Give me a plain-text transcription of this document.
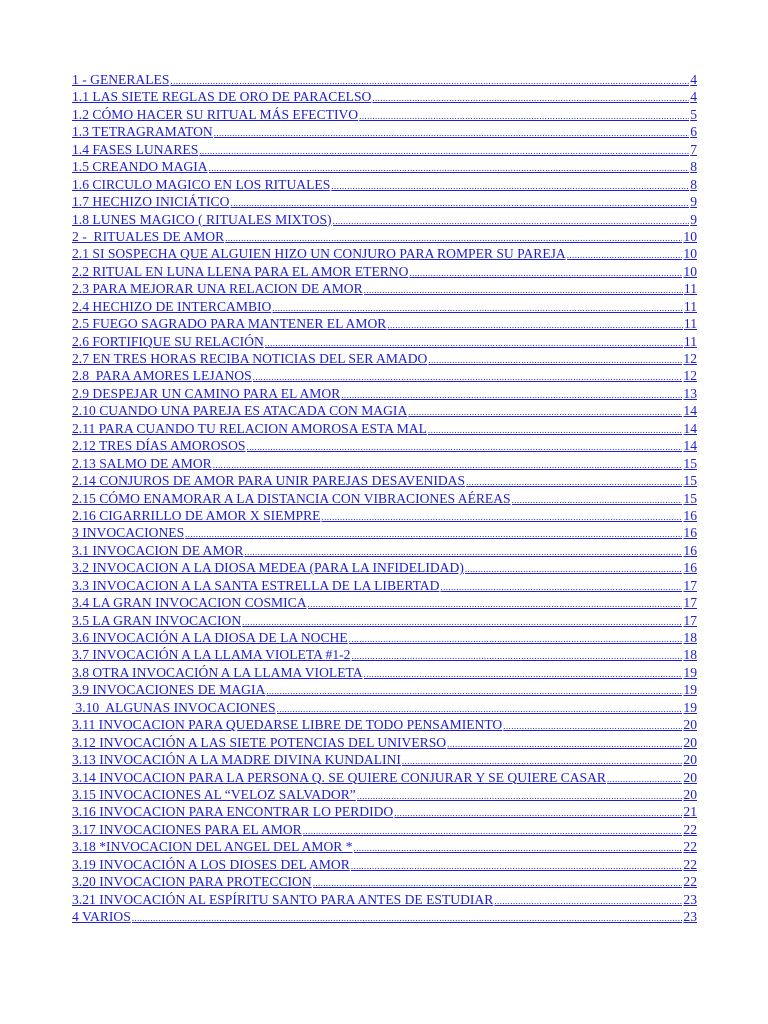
1 - GENERALES .....	4
1.1 LAS SIETE REGLAS DE ORO DE PARACELSO .....	4
1.2 CÓMO HACER SU RITUAL MÁS EFECTIVO .....	5
1.3 TETRAGRAMATON .....	6
1.4 FASES LUNARES .....	7
1.5 CREANDO MAGIA .....	8
1.6 CIRCULO MAGICO EN LOS RITUALES .....	8
1.7 HECHIZO INICIÁTICO .....	9
1.8 LUNES MAGICO ( RITUALES MIXTOS) .....	9
2 -  RITUALES DE AMOR .....	10
2.1 SI SOSPECHA QUE ALGUIEN HIZO UN CONJURO PARA ROMPER SU PAREJA .....	10
2.2 RITUAL EN LUNA LLENA PARA EL AMOR ETERNO .....	10
2.3 PARA MEJORAR UNA RELACION DE AMOR .....	11
2.4 HECHIZO DE INTERCAMBIO .....	11
2.5 FUEGO SAGRADO PARA MANTENER EL AMOR .....	11
2.6 FORTIFIQUE SU RELACIÓN .....	11
2.7 EN TRES HORAS RECIBA NOTICIAS DEL SER AMADO .....	12
2.8  PARA AMORES LEJANOS .....	12
2.9 DESPEJAR UN CAMINO PARA EL AMOR .....	13
2.10 CUANDO UNA PAREJA ES ATACADA CON MAGIA .....	14
2.11 PARA CUANDO TU RELACION AMOROSA ESTA MAL .....	14
2.12 TRES DÍAS AMOROSOS .....	14
2.13 SALMO DE AMOR .....	15
2.14 CONJUROS DE AMOR PARA UNIR PAREJAS DESAVENIDAS .....	15
2.15 CÓMO ENAMORAR A LA DISTANCIA CON VIBRACIONES AÉREAS .....	15
2.16 CIGARRILLO DE AMOR X SIEMPRE .....	16
3 INVOCACIONES .....	16
3.1 INVOCACION DE AMOR .....	16
3.2 INVOCACION A LA DIOSA MEDEA (PARA LA INFIDELIDAD) .....	16
3.3 INVOCACION A LA SANTA ESTRELLA DE LA LIBERTAD .....	17
3.4 LA GRAN INVOCACION COSMICA .....	17
3.5 LA GRAN INVOCACION .....	17
3.6 INVOCACIÓN A LA DIOSA DE LA NOCHE .....	18
3.7 INVOCACIÓN A LA LLAMA VIOLETA #1-2 .....	18
3.8 OTRA INVOCACIÓN A LA LLAMA VIOLETA .....	19
3.9 INVOCACIONES DE MAGIA .....	19
3.10  ALGUNAS INVOCACIONES .....	19
3.11 INVOCACION PARA QUEDARSE LIBRE DE TODO PENSAMIENTO .....	20
3.12 INVOCACIÓN A LAS SIETE POTENCIAS DEL UNIVERSO .....	20
3.13 INVOCACIÓN A LA MADRE DIVINA KUNDALINI .....	20
3.14 INVOCACION PARA LA PERSONA Q. SE QUIERE CONJURAR Y SE QUIERE CASAR .....	20
3.15 INVOCACIONES AL “VELOZ SALVADOR” .....	20
3.16 INVOCACION PARA ENCONTRAR LO PERDIDO .....	21
3.17 INVOCACIONES PARA EL AMOR .....	22
3.18 *INVOCACION DEL ANGEL DEL AMOR * .....	22
3.19 INVOCACIÓN A LOS DIOSES DEL AMOR .....	22
3.20 INVOCACION PARA PROTECCION .....	22
3.21 INVOCACIÓN AL ESPÍRITU SANTO PARA ANTES DE ESTUDIAR .....	23
4 VARIOS .....	23
